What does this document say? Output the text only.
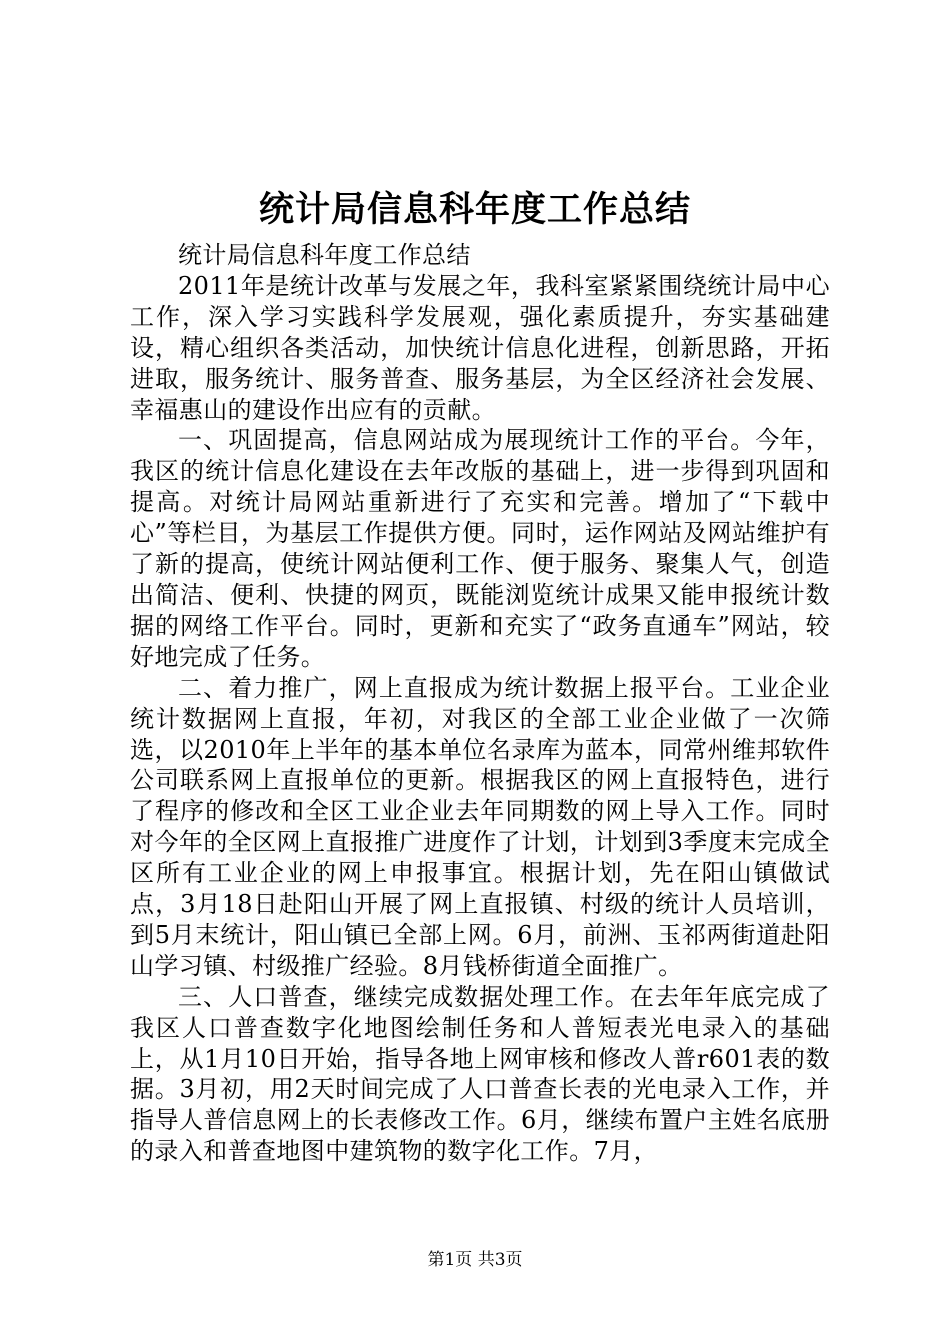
统计局信息科年度工作总结

统计局信息科年度工作总结

2011年是统计改革与发展之年，我科室紧紧围绕统计局中心工作，深入学习实践科学发展观，强化素质提升，夯实基础建设，精心组织各类活动，加快统计信息化进程，创新思路，开拓进取，服务统计、服务普查、服务基层，为全区经济社会发展、幸福惠山的建设作出应有的贡献。

一、巩固提高，信息网站成为展现统计工作的平台。今年，我区的统计信息化建设在去年改版的基础上，进一步得到巩固和提高。对统计局网站重新进行了充实和完善。增加了“下载中心”等栏目，为基层工作提供方便。同时，运作网站及网站维护有了新的提高，使统计网站便利工作、便于服务、聚集人气，创造出简洁、便利、快捷的网页，既能浏览统计成果又能申报统计数据的网络工作平台。同时，更新和充实了“政务直通车”网站，较好地完成了任务。

二、着力推广，网上直报成为统计数据上报平台。工业企业统计数据网上直报，年初，对我区的全部工业企业做了一次筛选，以2010年上半年的基本单位名录库为蓝本，同常州维邦软件公司联系网上直报单位的更新。根据我区的网上直报特色，进行了程序的修改和全区工业企业去年同期数的网上导入工作。同时对今年的全区网上直报推广进度作了计划，计划到3季度末完成全区所有工业企业的网上申报事宜。根据计划，先在阳山镇做试点，3月18日赴阳山开展了网上直报镇、村级的统计人员培训，到5月末统计，阳山镇已全部上网。6月，前洲、玉祁两街道赴阳山学习镇、村级推广经验。8月钱桥街道全面推广。

三、人口普查，继续完成数据处理工作。在去年年底完成了我区人口普查数字化地图绘制任务和人普短表光电录入的基础上，从1月10日开始，指导各地上网审核和修改人普r601表的数据。3月初，用2天时间完成了人口普查长表的光电录入工作，并指导人普信息网上的长表修改工作。6月，继续布置户主姓名底册的录入和普查地图中建筑物的数字化工作。7月，

第1页 共3页
